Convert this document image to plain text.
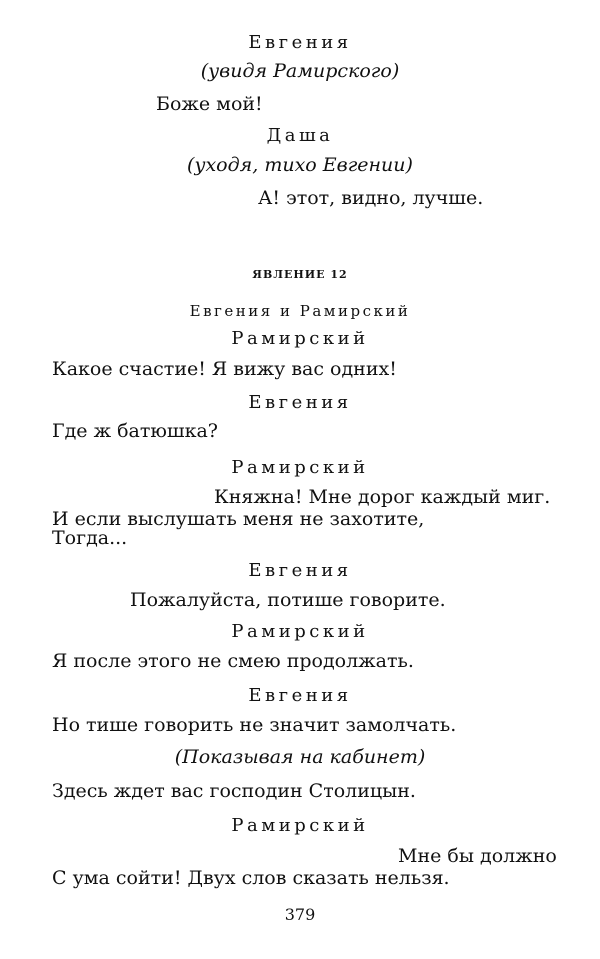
Евгения
(увидя Рамирского)
Боже мой!
Даша
(уходя, тихо Евгении)
А! этот, видно, лучше.
ЯВЛЕНИЕ 12
Евгения и Рамирский
Рамирский
Какое счастие! Я вижу вас одних!
Евгения
Где ж батюшка?
Рамирский
Княжна! Мне дорог каждый миг.
И если выслушать меня не захотите,
Тогда...
Евгения
Пожалуйста, потише говорите.
Рамирский
Я после этого не смею продолжать.
Евгения
Но тише говорить не значит замолчать.
(Показывая на кабинет)
Здесь ждет вас господин Столицын.
Рамирский
Мне бы должно
С ума сойти! Двух слов сказать нельзя.
379
